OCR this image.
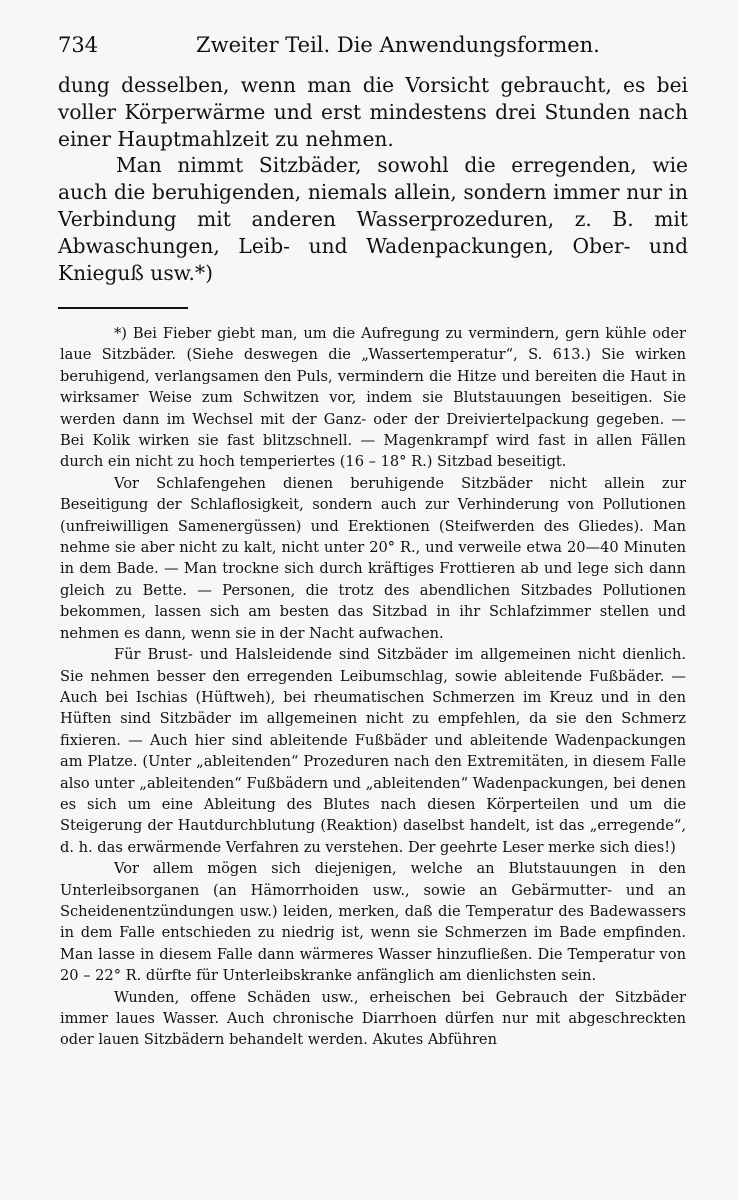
734	Zweiter Teil. Die Anwendungsformen.

dung desselben, wenn man die Vorsicht gebraucht, es bei voller Körperwärme und erst mindestens drei Stunden nach einer Hauptmahlzeit zu nehmen.

Man nimmt Sitzbäder, sowohl die erregenden, wie auch die beruhigenden, niemals allein, sondern immer nur in Verbindung mit anderen Wasserprozeduren, z. B. mit Abwaschungen, Leib- und Wadenpackungen, Ober- und Knieguß usw.*)

*) Bei Fieber giebt man, um die Aufregung zu vermindern, gern kühle oder laue Sitzbäder. (Siehe deswegen die „Wassertemperatur“, S. 613.) Sie wirken beruhigend, verlangsamen den Puls, vermindern die Hitze und bereiten die Haut in wirksamer Weise zum Schwitzen vor, indem sie Blutstauungen beseitigen. Sie werden dann im Wechsel mit der Ganz- oder der Dreiviertelpackung gegeben. — Bei Kolik wirken sie fast blitzschnell. — Magenkrampf wird fast in allen Fällen durch ein nicht zu hoch temperiertes (16 – 18° R.) Sitzbad beseitigt.

Vor Schlafengehen dienen beruhigende Sitzbäder nicht allein zur Beseitigung der Schlaflosigkeit, sondern auch zur Verhinderung von Pollutionen (unfreiwilligen Samenergüssen) und Erektionen (Steifwerden des Gliedes). Man nehme sie aber nicht zu kalt, nicht unter 20° R., und verweile etwa 20—40 Minuten in dem Bade. — Man trockne sich durch kräftiges Frottieren ab und lege sich dann gleich zu Bette. — Personen, die trotz des abendlichen Sitzbades Pollutionen bekommen, lassen sich am besten das Sitzbad in ihr Schlafzimmer stellen und nehmen es dann, wenn sie in der Nacht aufwachen.

Für Brust- und Halsleidende sind Sitzbäder im allgemeinen nicht dienlich. Sie nehmen besser den erregenden Leibumschlag, sowie ableitende Fußbäder. — Auch bei Ischias (Hüftweh), bei rheumatischen Schmerzen im Kreuz und in den Hüften sind Sitzbäder im allgemeinen nicht zu empfehlen, da sie den Schmerz fixieren. — Auch hier sind ableitende Fußbäder und ableitende Wadenpackungen am Platze. (Unter „ableitenden“ Prozeduren nach den Extremitäten, in diesem Falle also unter „ableitenden“ Fußbädern und „ableitenden“ Wadenpackungen, bei denen es sich um eine Ableitung des Blutes nach diesen Körperteilen und um die Steigerung der Hautdurchblutung (Reaktion) daselbst handelt, ist das „erregende“, d. h. das erwärmende Verfahren zu verstehen. Der geehrte Leser merke sich dies!)

Vor allem mögen sich diejenigen, welche an Blutstauungen in den Unterleibsorganen (an Hämorrhoiden usw., sowie an Gebärmutter- und an Scheidenentzündungen usw.) leiden, merken, daß die Temperatur des Badewassers in dem Falle entschieden zu niedrig ist, wenn sie Schmerzen im Bade empfinden. Man lasse in diesem Falle dann wärmeres Wasser hinzufließen. Die Temperatur von 20 – 22° R. dürfte für Unterleibskranke anfänglich am dienlichsten sein.

Wunden, offene Schäden usw., erheischen bei Gebrauch der Sitzbäder immer laues Wasser. Auch chronische Diarrhoen dürfen nur mit abgeschreckten oder lauen Sitzbädern behandelt werden. Akutes Abführen
